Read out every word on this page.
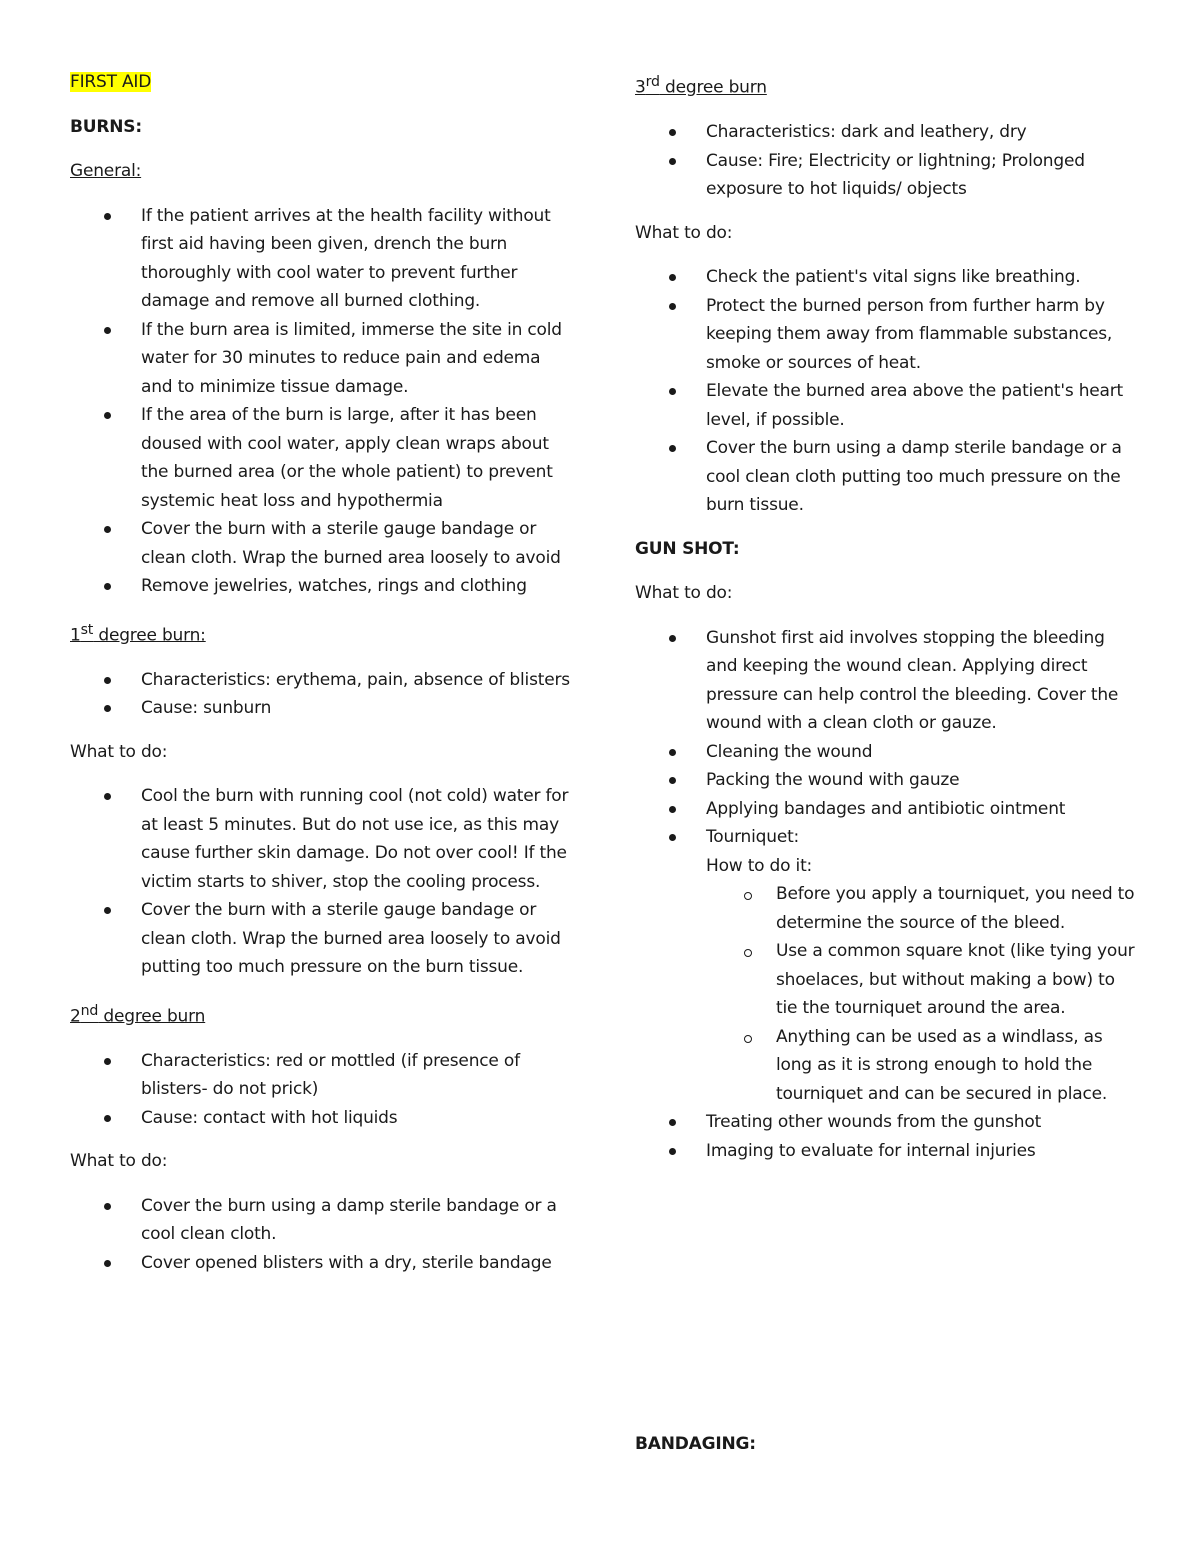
FIRST AID

BURNS:

General:

If the patient arrives at the health facility without first aid having been given, drench the burn thoroughly with cool water to prevent further damage and remove all burned clothing.
If the burn area is limited, immerse the site in cold water for 30 minutes to reduce pain and edema and to minimize tissue damage.
If the area of the burn is large, after it has been doused with cool water, apply clean wraps about the burned area (or the whole patient) to prevent systemic heat loss and hypothermia
Cover the burn with a sterile gauge bandage or clean cloth. Wrap the burned area loosely to avoid
Remove jewelries, watches, rings and clothing

1st degree burn:

Characteristics: erythema, pain, absence of blisters
Cause: sunburn

What to do:

Cool the burn with running cool (not cold) water for at least 5 minutes. But do not use ice, as this may cause further skin damage. Do not over cool! If the victim starts to shiver, stop the cooling process.
Cover the burn with a sterile gauge bandage or clean cloth. Wrap the burned area loosely to avoid putting too much pressure on the burn tissue.

2nd degree burn

Characteristics: red or mottled (if presence of blisters- do not prick)
Cause: contact with hot liquids

What to do:

Cover the burn using a damp sterile bandage or a cool clean cloth.
Cover opened blisters with a dry, sterile bandage

3rd degree burn

Characteristics: dark and leathery, dry
Cause: Fire; Electricity or lightning; Prolonged exposure to hot liquids/ objects

What to do:

Check the patient's vital signs like breathing.
Protect the burned person from further harm by keeping them away from flammable substances, smoke or sources of heat.
Elevate the burned area above the patient's heart level, if possible.
Cover the burn using a damp sterile bandage or a cool clean cloth putting too much pressure on the burn tissue.

GUN SHOT:

What to do:

Gunshot first aid involves stopping the bleeding and keeping the wound clean. Applying direct pressure can help control the bleeding. Cover the wound with a clean cloth or gauze.
Cleaning the wound
Packing the wound with gauze
Applying bandages and antibiotic ointment
Tourniquet:
How to do it:
Before you apply a tourniquet, you need to determine the source of the bleed.
Use a common square knot (like tying your shoelaces, but without making a bow) to tie the tourniquet around the area.
Anything can be used as a windlass, as long as it is strong enough to hold the tourniquet and can be secured in place.
Treating other wounds from the gunshot
Imaging to evaluate for internal injuries

BANDAGING:
